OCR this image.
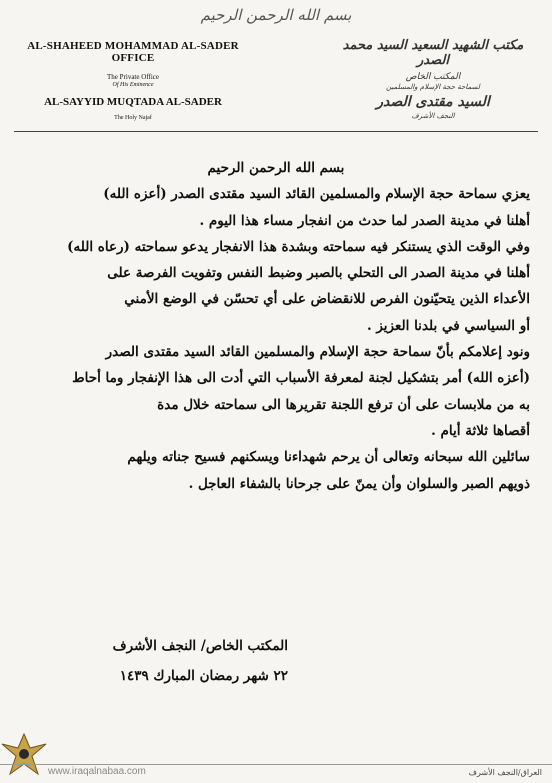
بسم الله الرحمن الرحيم
AL-SHAHEED MOHAMMAD AL-SADER OFFICE
The Private Office
Of His Eminence
AL-SAYYID MUQTADA AL-SADER
The Holy Najaf
مكتب الشهيد السعيد السيد محمد الصدر
المكتب الخاص
لسماحة حجة الإسلام والمسلمين
السيد مقتدى الصدر
النجف الأشرف
بسم الله الرحمن الرحيم
يعزي سماحة حجة الإسلام والمسلمين القائد السيد مقتدى الصدر (أعزه الله)
أهلنا في مدينة الصدر لما حدث من انفجار مساء هذا اليوم .
وفي الوقت الذي يستنكر فيه سماحته وبشدة هذا الانفجار يدعو سماحته (رعاه الله)
أهلنا في مدينة الصدر الى التحلي بالصبر وضبط النفس وتفويت الفرصة على
الأعداء الذين يتحيّنون الفرص للانقضاض على أي تحسّن في الوضع الأمني
أو السياسي في بلدنا العزيز .
ونود إعلامكم بأنّ سماحة حجة الإسلام والمسلمين القائد السيد مقتدى الصدر
(أعزه الله) أمر بتشكيل لجنة لمعرفة الأسباب التي أدت الى هذا الإنفجار وما أحاط
به من ملابسات على أن ترفع اللجنة تقريرها الى سماحته خلال مدة
أقصاها ثلاثة أيام .
سائلين الله سبحانه وتعالى أن يرحم شهداءنا ويسكنهم فسيح جناته ويلهم
ذويهم الصبر والسلوان وأن يمنّ على جرحانا بالشفاء العاجل .
المكتب الخاص/ النجف الأشرف
٢٢ شهر رمضان المبارك ١٤٣٩
www.iraqalnabaa.com	العراق/النجف الأشرف
